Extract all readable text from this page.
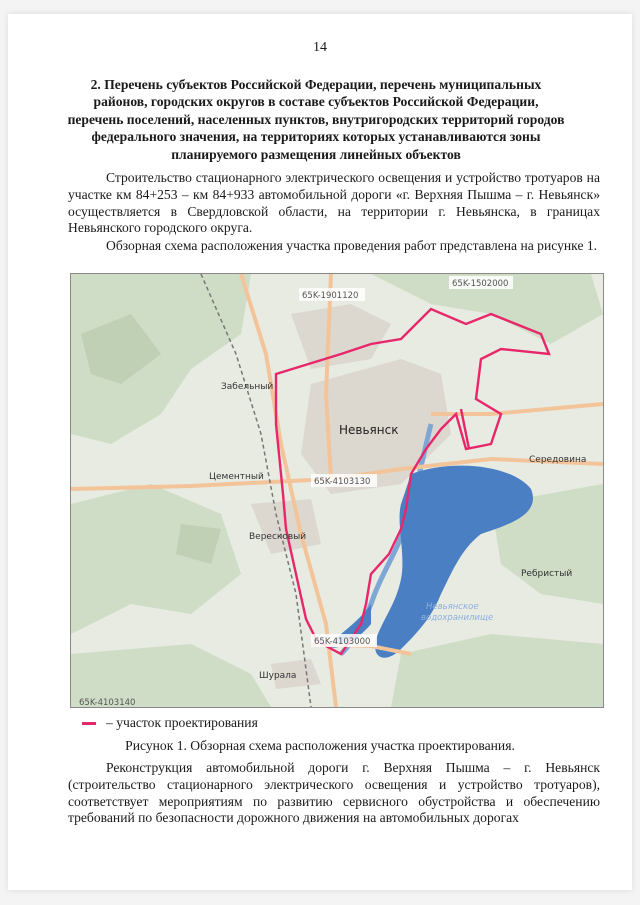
14
2. Перечень субъектов Российской Федерации, перечень муниципальных районов, городских округов в составе субъектов Российской Федерации, перечень поселений, населенных пунктов, внутригородских территорий городов федерального значения, на территориях которых устанавливаются зоны планируемого размещения линейных объектов
Строительство стационарного электрического освещения и устройство тротуаров на участке км 84+253 – км 84+933 автомобильной дороги «г. Верхняя Пышма – г. Невьянск» осуществляется в Свердловской области, на территории г. Невьянска, в границах Невьянского городского округа.
Обзорная схема расположения участка проведения работ представлена на рисунке 1.
65K-1901120
65K-1502000
65K-4103130
65K-4103000
65K-4103140
Забельный
Невьянск
Цементный
Вересковый
Середовина
Ребристый
Шурала
Невьянское
водохранилище
– участок проектирования
Рисунок 1. Обзорная схема расположения участка проектирования.
Реконструкция автомобильной дороги г. Верхняя Пышма – г. Невьянск (строительство стационарного электрического освещения и устройство тротуаров), соответствует мероприятиям по развитию сервисного обустройства и обеспечению требований по безопасности дорожного движения на автомобильных дорогах
